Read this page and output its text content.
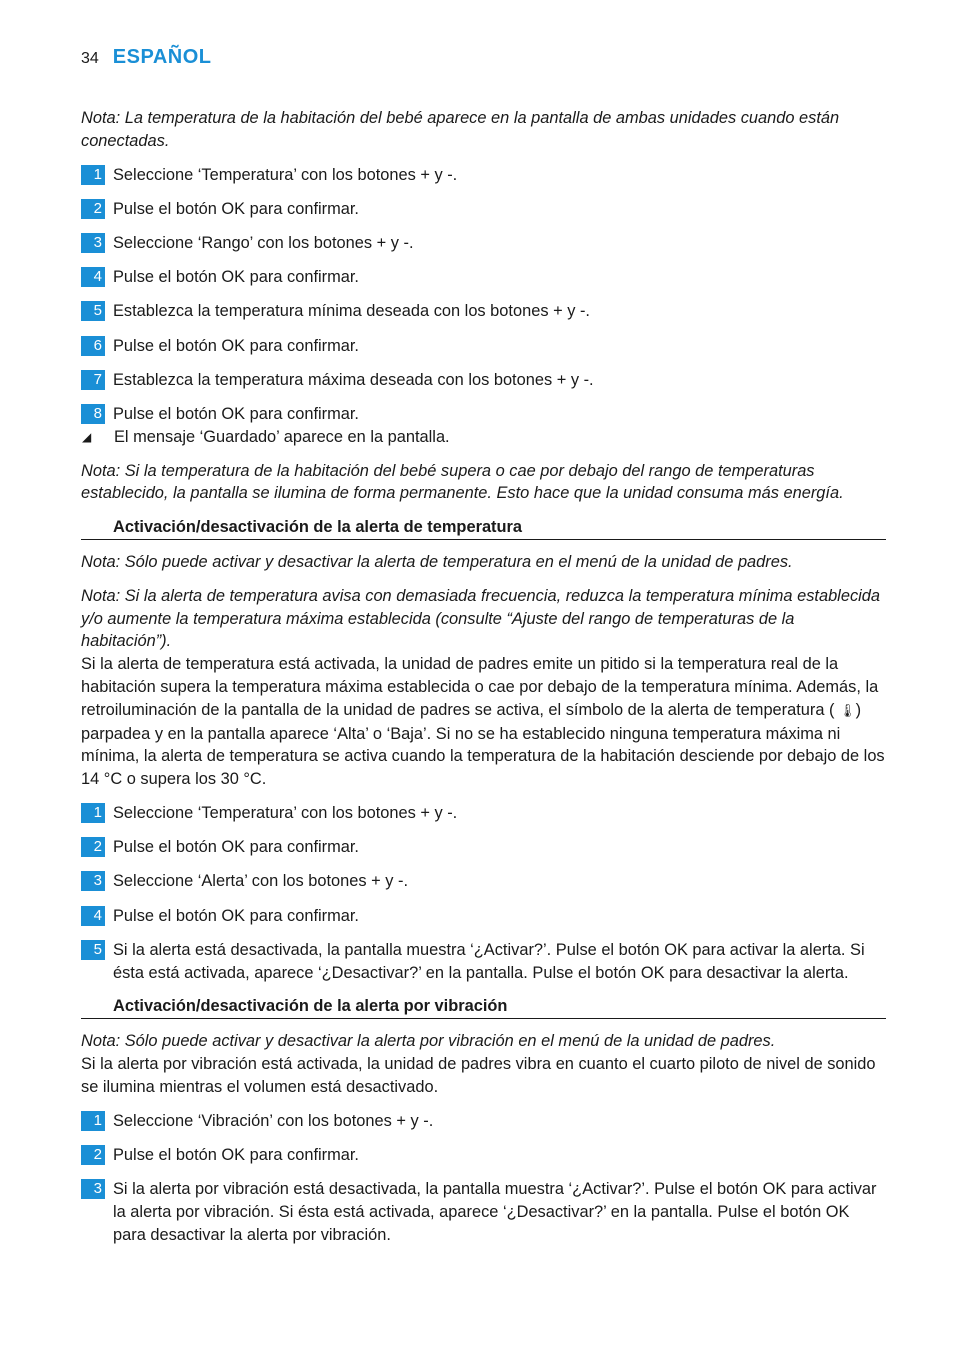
34 ESPAÑOL

Nota: La temperatura de la habitación del bebé aparece en la pantalla de ambas unidades cuando están conectadas.

1 Seleccione ‘Temperatura’ con los botones + y -.
2 Pulse el botón OK para confirmar.
3 Seleccione ‘Rango’ con los botones + y -.
4 Pulse el botón OK para confirmar.
5 Establezca la temperatura mínima deseada con los botones + y -.
6 Pulse el botón OK para confirmar.
7 Establezca la temperatura máxima deseada con los botones + y -.
8 Pulse el botón OK para confirmar.
◢	El mensaje ‘Guardado’ aparece en la pantalla.

Nota: Si la temperatura de la habitación del bebé supera o cae por debajo del rango de temperaturas establecido, la pantalla se ilumina de forma permanente. Esto hace que la unidad consuma más energía.

Activación/desactivación de la alerta de temperatura

Nota: Sólo puede activar y desactivar la alerta de temperatura en el menú de la unidad de padres.

Nota: Si la alerta de temperatura avisa con demasiada frecuencia, reduzca la temperatura mínima establecida y/o aumente la temperatura máxima establecida (consulte “Ajuste del rango de temperaturas de la habitación”).

Si la alerta de temperatura está activada, la unidad de padres emite un pitido si la temperatura real de la habitación supera la temperatura máxima establecida o cae por debajo de la temperatura mínima. Además, la retroiluminación de la pantalla de la unidad de padres se activa, el símbolo de la alerta de temperatura ( 🌡) parpadea y en la pantalla aparece ‘Alta’ o ‘Baja’. Si no se ha establecido ninguna temperatura máxima ni mínima, la alerta de temperatura se activa cuando la temperatura de la habitación desciende por debajo de los 14 °C o supera los 30 °C.

1 Seleccione ‘Temperatura’ con los botones + y -.
2 Pulse el botón OK para confirmar.
3 Seleccione ‘Alerta’ con los botones + y -.
4 Pulse el botón OK para confirmar.
5 Si la alerta está desactivada, la pantalla muestra ‘¿Activar?’. Pulse el botón OK para activar la alerta. Si ésta está activada, aparece ‘¿Desactivar?’ en la pantalla. Pulse el botón OK para desactivar la alerta.
Activación/desactivación de la alerta por vibración

Nota: Sólo puede activar y desactivar la alerta por vibración en el menú de la unidad de padres.

Si la alerta por vibración está activada, la unidad de padres vibra en cuanto el cuarto piloto de nivel de sonido se ilumina mientras el volumen está desactivado.

1 Seleccione ‘Vibración’ con los botones + y -.
2 Pulse el botón OK para confirmar.
3 Si la alerta por vibración está desactivada, la pantalla muestra ‘¿Activar?’. Pulse el botón OK para activar la alerta por vibración. Si ésta está activada, aparece ‘¿Desactivar?’ en la pantalla. Pulse el botón OK para desactivar la alerta por vibración.
